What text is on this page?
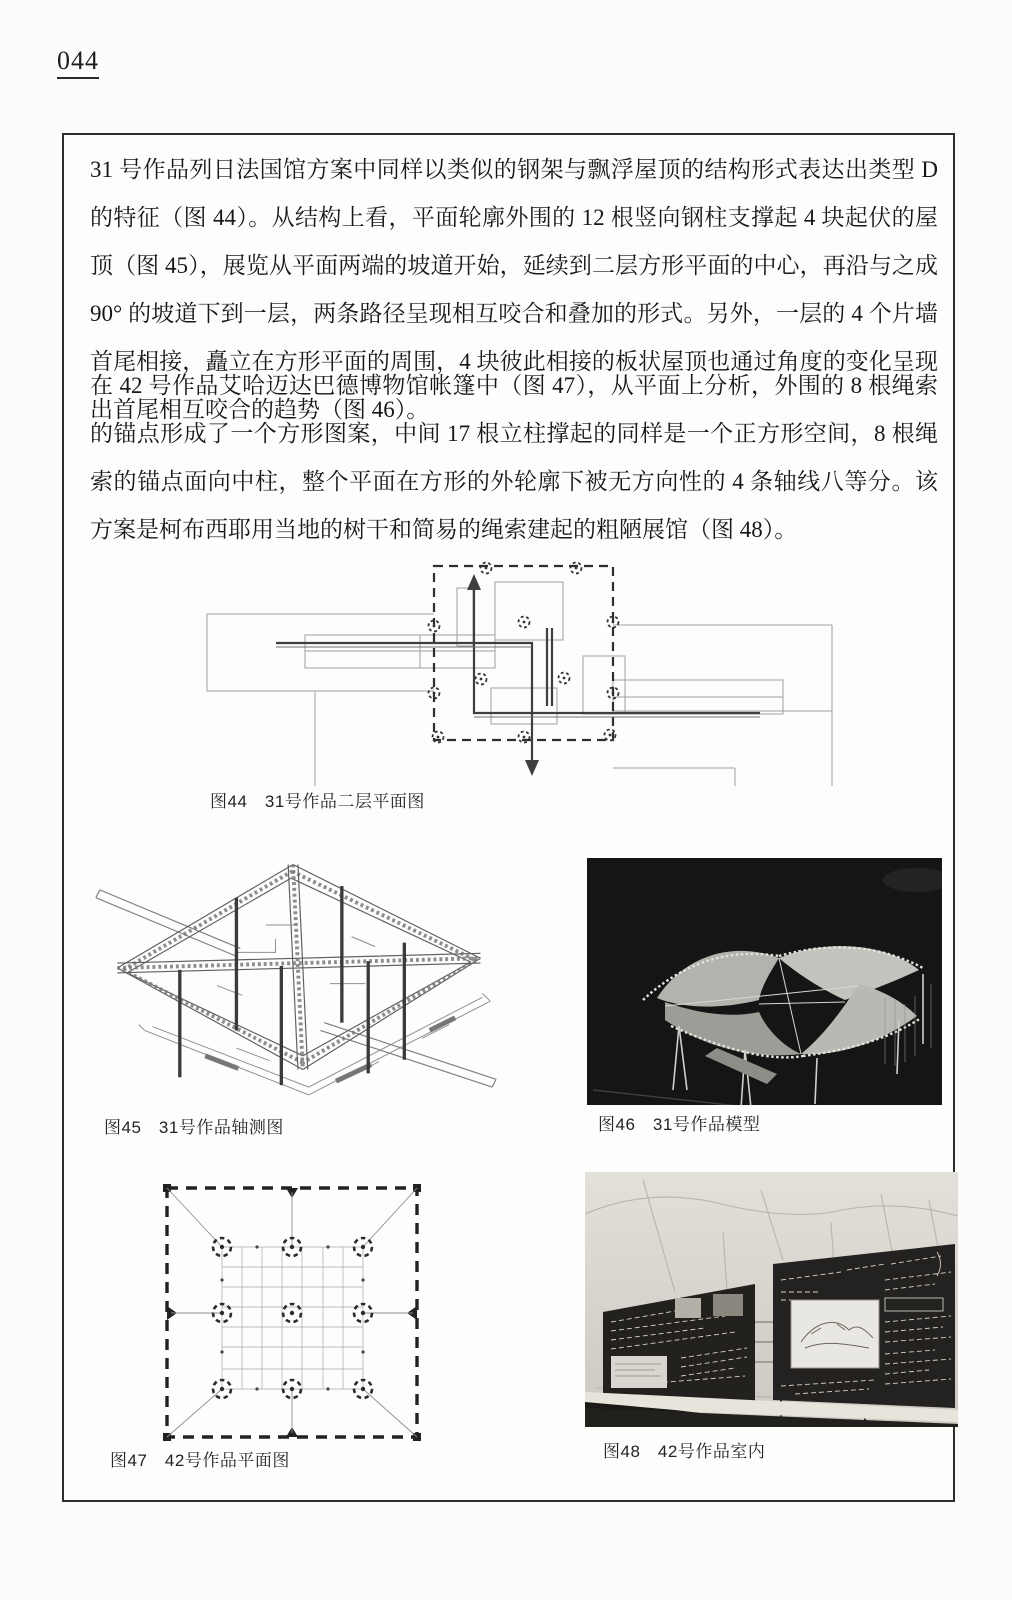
044

31 号作品列日法国馆方案中同样以类似的钢架与飘浮屋顶的结构形式表达出类型 D 的特征（图 44）。从结构上看，平面轮廓外围的 12 根竖向钢柱支撑起 4 块起伏的屋顶（图 45），展览从平面两端的坡道开始，延续到二层方形平面的中心，再沿与之成 90° 的坡道下到一层，两条路径呈现相互咬合和叠加的形式。另外，一层的 4 个片墙首尾相接，矗立在方形平面的周围，4 块彼此相接的板状屋顶也通过角度的变化呈现出首尾相互咬合的趋势（图 46）。

在 42 号作品艾哈迈达巴德博物馆帐篷中（图 47），从平面上分析，外围的 8 根绳索的锚点形成了一个方形图案，中间 17 根立柱撑起的同样是一个正方形空间，8 根绳索的锚点面向中柱，整个平面在方形的外轮廓下被无方向性的 4 条轴线八等分。该方案是柯布西耶用当地的树干和简易的绳索建起的粗陋展馆（图 48）。

图44　31号作品二层平面图
图45　31号作品轴测图	图46　31号作品模型
图47　42号作品平面图	图48　42号作品室内
